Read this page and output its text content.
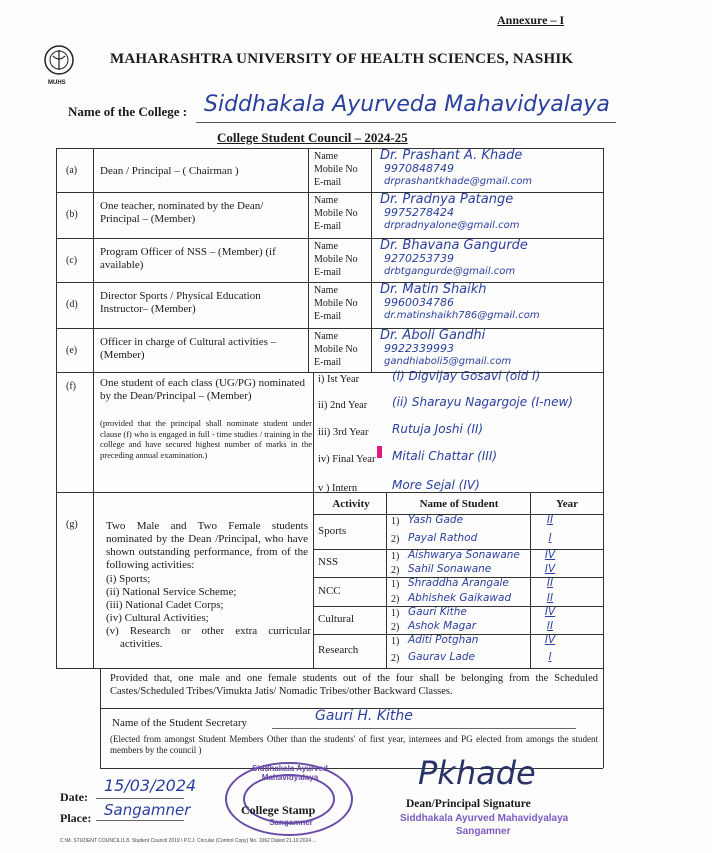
Annexure – I
MUHS
MAHARASHTRA UNIVERSITY OF HEALTH SCIENCES, NASHIK
Name of the College : Siddhakala Ayurveda Mahavidyalaya
College Student Council – 2024-25
(a) Dean / Principal – ( Chairman )
Name
Mobile No
E-mail
Dr. Prashant A. Khade
9970848749
drprashantkhade@gmail.com
(b)
One teacher, nominated by the Dean/ Principal – (Member)
Name
Mobile No
E-mail
Dr. Pradnya Patange
9975278424
drpradnyalone@gmail.com
(c)
Program Officer of NSS – (Member) (if available)
Name
Mobile No
E-mail
Dr. Bhavana Gangurde
9270253739
drbtgangurde@gmail.com
(d)
Director Sports / Physical Education Instructor– (Member)
Name
Mobile No
E-mail
Dr. Matin Shaikh
9960034786
dr.matinshaikh786@gmail.com
(e)
Officer in charge of Cultural activities – (Member)
Name
Mobile No
E-mail
Dr. Aboli Gandhi
9922339993
gandhiaboli5@gmail.com
(f) One student of each class (UG/PG) nominated by the Dean/Principal – (Member)
(provided that the principal shall nominate student under clause (f) who is engaged in full - time studies / training in the college and have secured highest number of marks in the preceding annual examination.)
i) Ist Year	(i) Digvijay Gosavi (old I)
ii) 2nd Year (ii) Sharayu Nagargoje (I-new)
iii) 3rd Year Rutuja Joshi (II)
iv) Final Year Mitali Chattar (III)
v ) Intern	More Sejal (IV)
(g)	Two Male and Two Female students nominated by the Dean /Principal, who have shown outstanding performance, from of the following activities:
(i) Sports;
(ii) National Service Scheme;
(iii) National Cadet Corps;
(iv) Cultural Activities;
(v) Research or other extra curricular activities.
Activity	Name of Student	Year
Sports
1) Yash Gade	II
2) Payal Rathod	I
NSS	1) Aishwarya Sonawane	IV
2) Sahil Sonawane	IV
NCC	1) Shraddha Arangale	II
2) Abhishek Gaikawad	II
Cultural	1) Gauri Kithe	IV
2) Ashok Magar	II
Research
1) Aditi Potghan	IV
2) Gaurav Lade	I
Provided that, one male and one female students out of the four shall be belonging from the Scheduled Castes/Scheduled Tribes/Vimukta Jatis/ Nomadic Tribes/other Backward Classes.
Name of the Student Secretary	Gauri H. Kithe
(Elected from amongst Student Members Other than the students' of first year, internees and PG elected from amongs the student members by the council )
Date:
15/03/2024
Place: Sangamner
Siddhakala Ayurved Mahavidyalaya
Sangamner
College Stamp
Pkhade
Dean/Principal Signature
Siddhakala Ayurved Mahavidyalaya
Sangamner
C:\M. STUDENT COUNCIL\1.8. Student Council 2019 \ P.C.I. Circular (Control Copy) No. 1062 Dated 21.10.2024 ...
